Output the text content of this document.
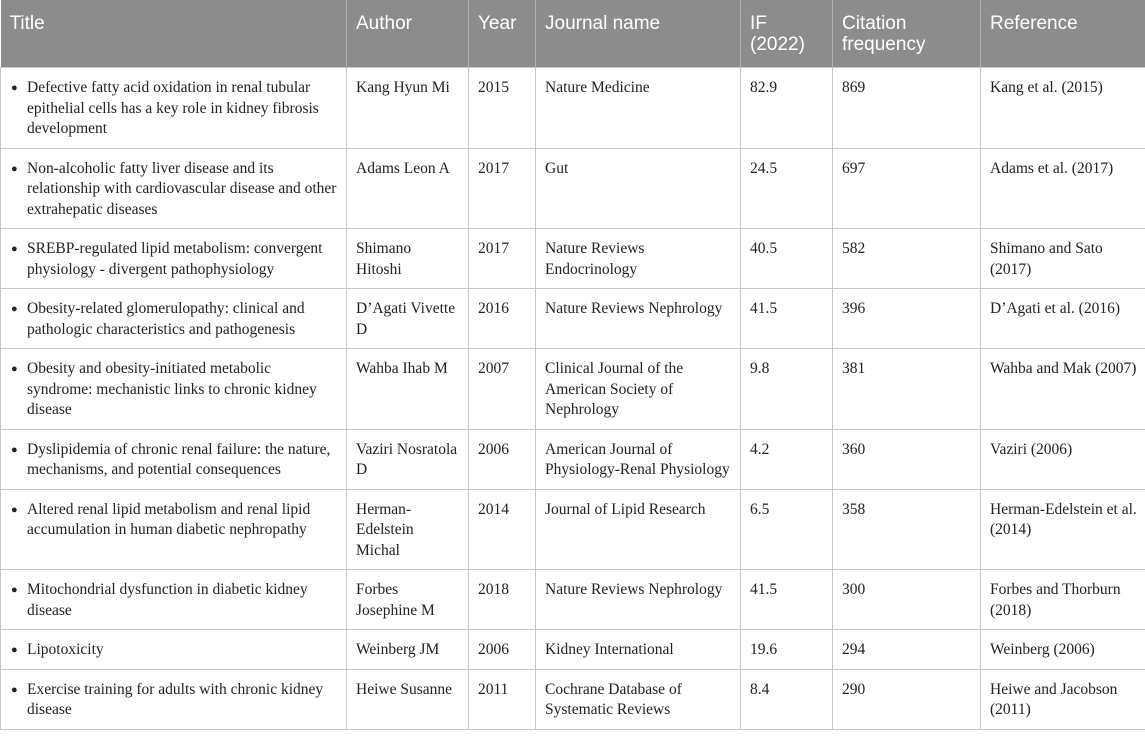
Title	Author	Year	Journal name	IF (2022)	Citation frequency	Reference

● Defective fatty acid oxidation in renal tubular epithelial cells has a key role in kidney fibrosis development	Kang Hyun Mi	2015	Nature Medicine	82.9	869	Kang et al. (2015)

● Non-alcoholic fatty liver disease and its relationship with cardiovascular disease and other extrahepatic diseases	Adams Leon A	2017	Gut	24.5	697	Adams et al. (2017)

● SREBP-regulated lipid metabolism: convergent physiology - divergent pathophysiology	Shimano Hitoshi	2017	Nature Reviews Endocrinology	40.5	582	Shimano and Sato (2017)

● Obesity-related glomerulopathy: clinical and pathologic characteristics and pathogenesis	D’Agati Vivette D	2016	Nature Reviews Nephrology	41.5	396	D’Agati et al. (2016)

● Obesity and obesity-initiated metabolic syndrome: mechanistic links to chronic kidney disease	Wahba Ihab M	2007	Clinical Journal of the American Society of Nephrology	9.8	381	Wahba and Mak (2007)

● Dyslipidemia of chronic renal failure: the nature, mechanisms, and potential consequences	Vaziri Nosratola D	2006	American Journal of Physiology-Renal Physiology	4.2	360	Vaziri (2006)

● Altered renal lipid metabolism and renal lipid accumulation in human diabetic nephropathy	Herman-Edelstein Michal	2014	Journal of Lipid Research	6.5	358	Herman-Edelstein et al. (2014)

● Mitochondrial dysfunction in diabetic kidney disease	Forbes Josephine M	2018	Nature Reviews Nephrology	41.5	300	Forbes and Thorburn (2018)

● Lipotoxicity	Weinberg JM	2006	Kidney International	19.6	294	Weinberg (2006)

● Exercise training for adults with chronic kidney disease	Heiwe Susanne	2011	Cochrane Database of Systematic Reviews	8.4	290	Heiwe and Jacobson (2011)
